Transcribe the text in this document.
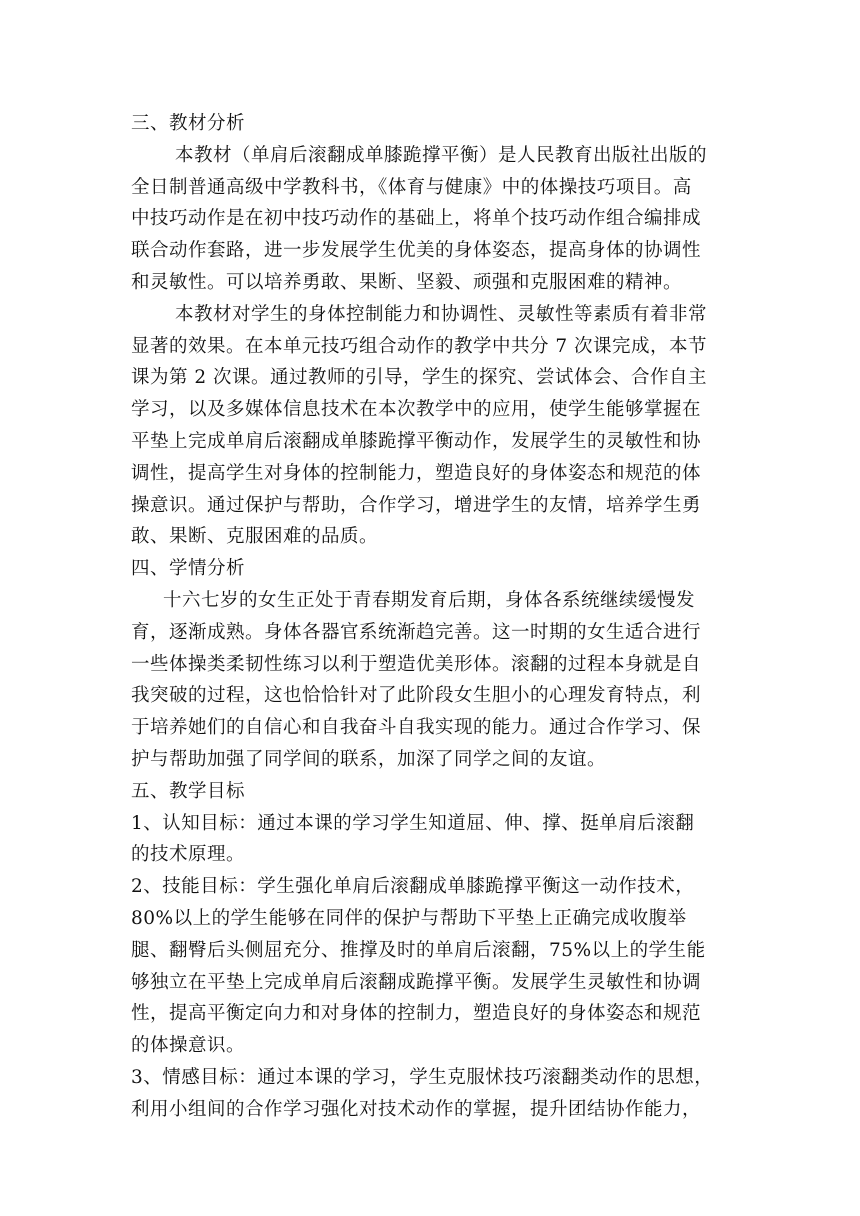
三、教材分析
本教材（单肩后滚翻成单膝跪撑平衡）是人民教育出版社出版的
全日制普通高级中学教科书，《体育与健康》中的体操技巧项目。高
中技巧动作是在初中技巧动作的基础上，将单个技巧动作组合编排成
联合动作套路，进一步发展学生优美的身体姿态，提高身体的协调性
和灵敏性。可以培养勇敢、果断、坚毅、顽强和克服困难的精神。
本教材对学生的身体控制能力和协调性、灵敏性等素质有着非常
显著的效果。在本单元技巧组合动作的教学中共分 7 次课完成，本节
课为第 2 次课。通过教师的引导，学生的探究、尝试体会、合作自主
学习，以及多媒体信息技术在本次教学中的应用，使学生能够掌握在
平垫上完成单肩后滚翻成单膝跪撑平衡动作，发展学生的灵敏性和协
调性，提高学生对身体的控制能力，塑造良好的身体姿态和规范的体
操意识。通过保护与帮助，合作学习，增进学生的友情，培养学生勇
敢、果断、克服困难的品质。
四、学情分析
十六七岁的女生正处于青春期发育后期，身体各系统继续缓慢发
育，逐渐成熟。身体各器官系统渐趋完善。这一时期的女生适合进行
一些体操类柔韧性练习以利于塑造优美形体。滚翻的过程本身就是自
我突破的过程，这也恰恰针对了此阶段女生胆小的心理发育特点，利
于培养她们的自信心和自我奋斗自我实现的能力。通过合作学习、保
护与帮助加强了同学间的联系，加深了同学之间的友谊。
五、教学目标
1、认知目标：通过本课的学习学生知道屈、伸、撑、挺单肩后滚翻
的技术原理。
2、技能目标：学生强化单肩后滚翻成单膝跪撑平衡这一动作技术，
80%以上的学生能够在同伴的保护与帮助下平垫上正确完成收腹举
腿、翻臀后头侧屈充分、推撑及时的单肩后滚翻，75%以上的学生能
够独立在平垫上完成单肩后滚翻成跪撑平衡。发展学生灵敏性和协调
性，提高平衡定向力和对身体的控制力，塑造良好的身体姿态和规范
的体操意识。
3、情感目标：通过本课的学习，学生克服怵技巧滚翻类动作的思想，
利用小组间的合作学习强化对技术动作的掌握，提升团结协作能力，
